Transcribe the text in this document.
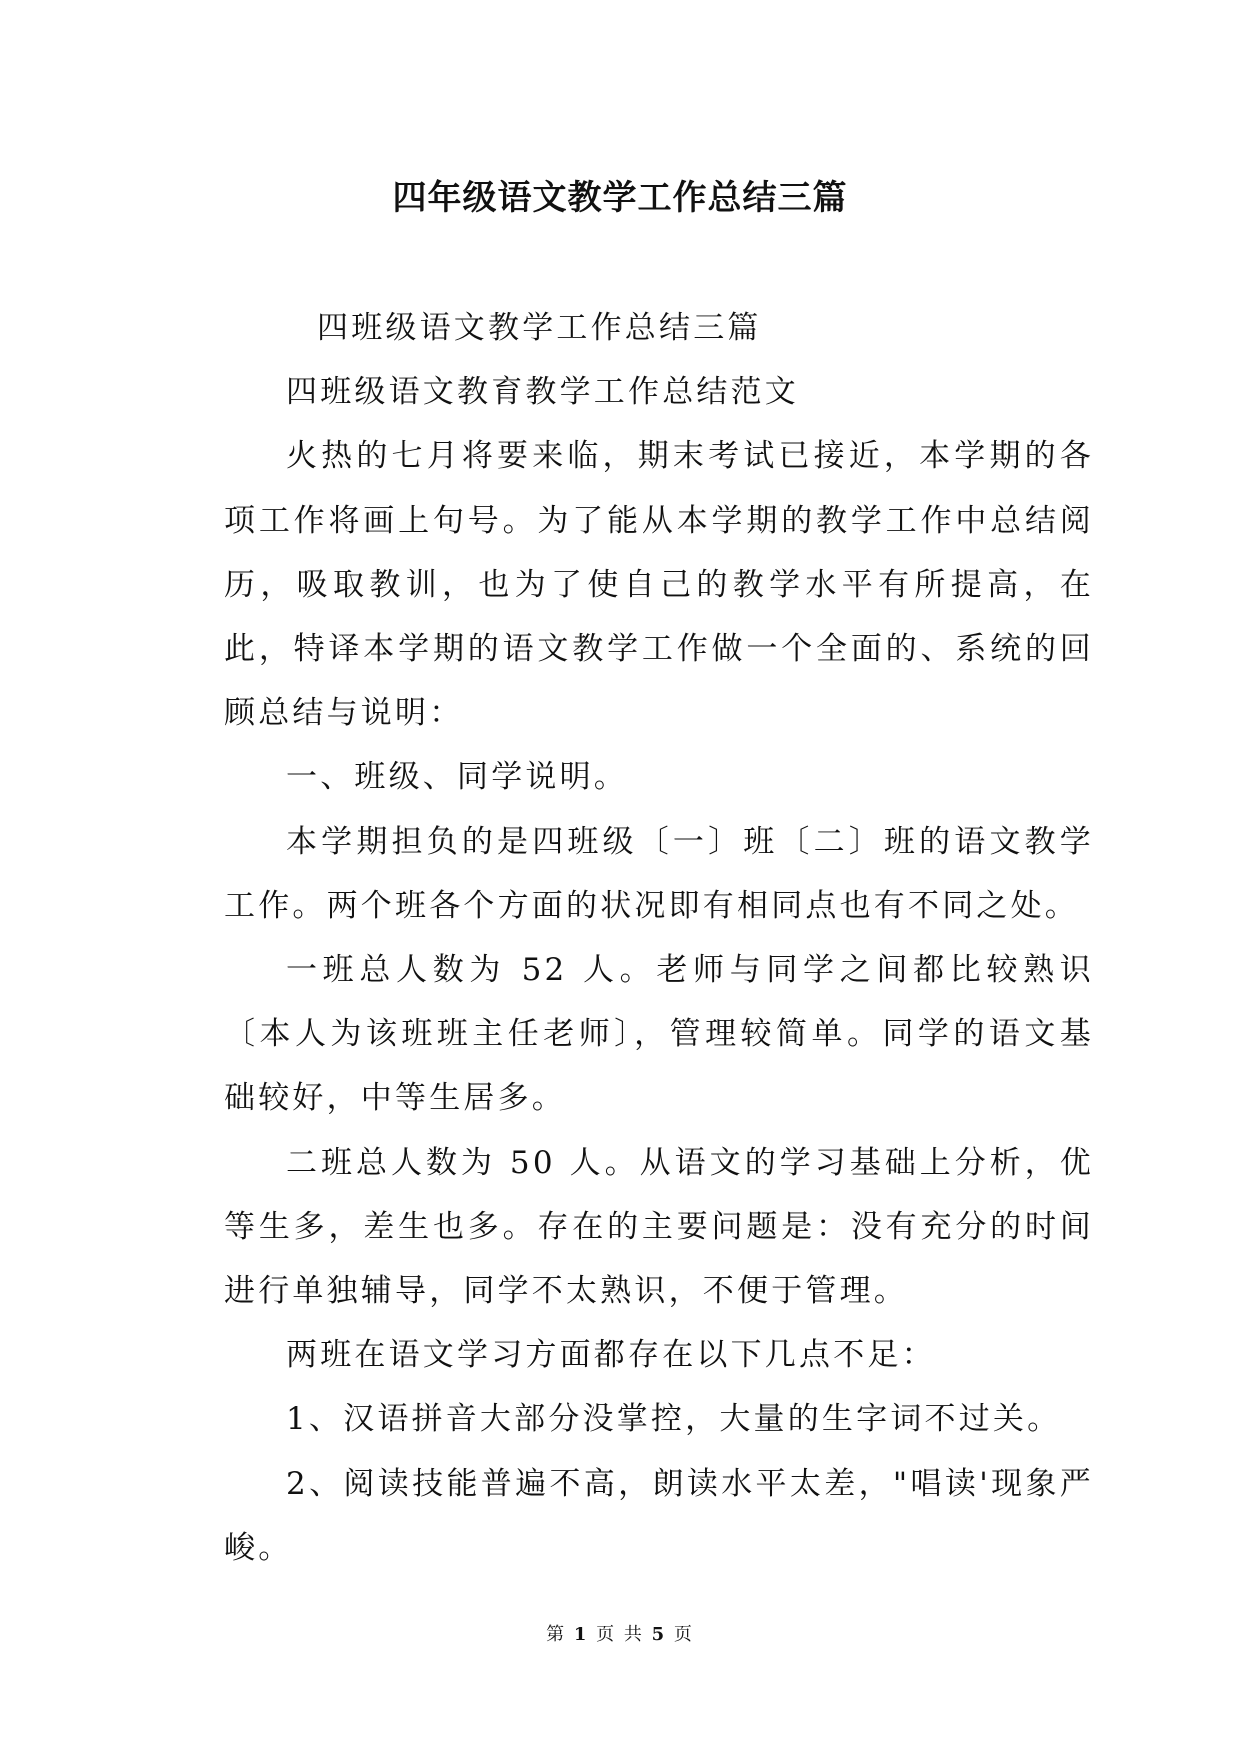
四年级语文教学工作总结三篇

四班级语文教学工作总结三篇

四班级语文教育教学工作总结范文

火热的七月将要来临，期末考试已接近，本学期的各项工作将画上句号。为了能从本学期的教学工作中总结阅历，吸取教训，也为了使自己的教学水平有所提高，在此，特译本学期的语文教学工作做一个全面的、系统的回顾总结与说明：

一、班级、同学说明。

本学期担负的是四班级〔一〕班〔二〕班的语文教学工作。两个班各个方面的状况即有相同点也有不同之处。

一班总人数为 52 人。老师与同学之间都比较熟识〔本人为该班班主任老师〕，管理较简单。同学的语文基础较好，中等生居多。

二班总人数为 50 人。从语文的学习基础上分析，优等生多，差生也多。存在的主要问题是：没有充分的时间进行单独辅导，同学不太熟识，不便于管理。

两班在语文学习方面都存在以下几点不足：

1、汉语拼音大部分没掌控，大量的生字词不过关。

2、阅读技能普遍不高，朗读水平太差，"唱读'现象严峻。

第 1 页 共 5 页
